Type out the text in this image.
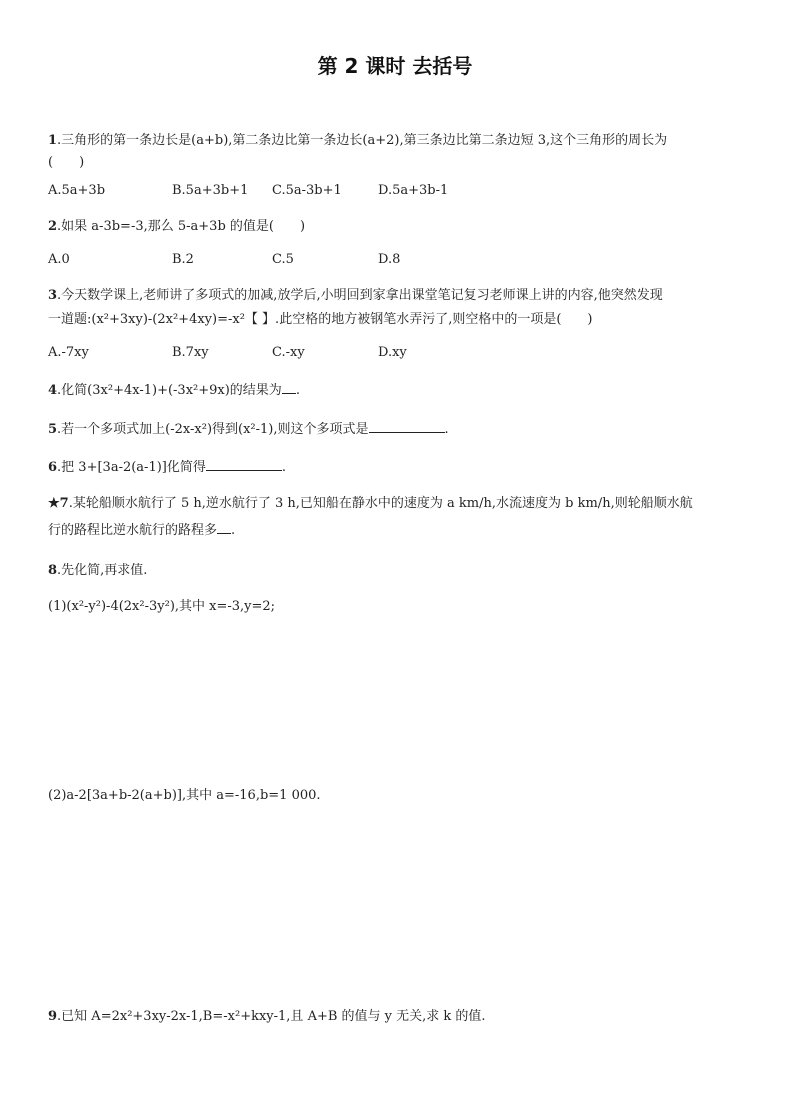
第 2 课时 去括号
1.三角形的第一条边长是(a+b),第二条边比第一条边长(a+2),第三条边比第二条边短 3,这个三角形的周长为
(　　)
A.5a+3b	B.5a+3b+1 C.5a-3b+1	D.5a+3b-1
2.如果 a-3b=-3,那么 5-a+3b 的值是(　　)
A.0	B.2	C.5	D.8
3.今天数学课上,老师讲了多项式的加减,放学后,小明回到家拿出课堂笔记复习老师课上讲的内容,他突然发现
一道题:(x²+3xy)-(2x²+4xy)=-x²【 】.此空格的地方被钢笔水弄污了,则空格中的一项是(　　)
A.-7xy	B.7xy	C.-xy	D.xy
4.化简(3x²+4x-1)+(-3x²+9x)的结果为 .
5.若一个多项式加上(-2x-x²)得到(x²-1),则这个多项式是	.
6.把 3+[3a-2(a-1)]化简得	.
★7.某轮船顺水航行了 5 h,逆水航行了 3 h,已知船在静水中的速度为 a km/h,水流速度为 b km/h,则轮船顺水航
行的路程比逆水航行的路程多 .
8.先化简,再求值.
(1)(x²-y²)-4(2x²-3y²),其中 x=-3,y=2;
(2)a-2[3a+b-2(a+b)],其中 a=-16,b=1 000.
9.已知 A=2x²+3xy-2x-1,B=-x²+kxy-1,且 A+B 的值与 y 无关,求 k 的值.
